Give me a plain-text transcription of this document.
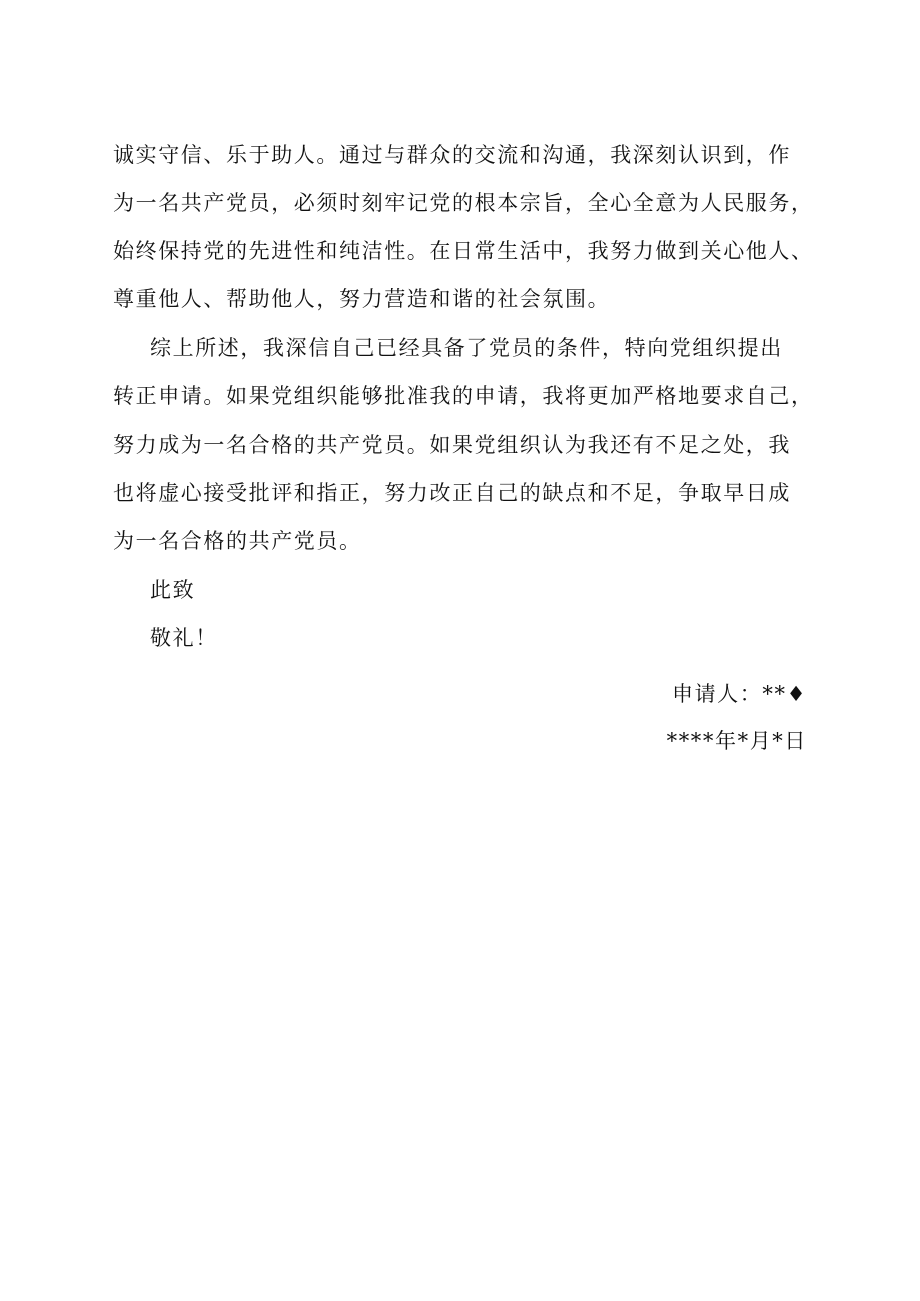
诚实守信、乐于助人。通过与群众的交流和沟通，我深刻认识到，作
为一名共产党员，必须时刻牢记党的根本宗旨，全心全意为人民服务，
始终保持党的先进性和纯洁性。在日常生活中，我努力做到关心他人、
尊重他人、帮助他人，努力营造和谐的社会氛围。
综上所述，我深信自己已经具备了党员的条件，特向党组织提出
转正申请。如果党组织能够批准我的申请，我将更加严格地要求自己，
努力成为一名合格的共产党员。如果党组织认为我还有不足之处，我
也将虚心接受批评和指正，努力改正自己的缺点和不足，争取早日成
为一名合格的共产党员。
此致
敬礼！
申请人：**♦
****年*月*日
